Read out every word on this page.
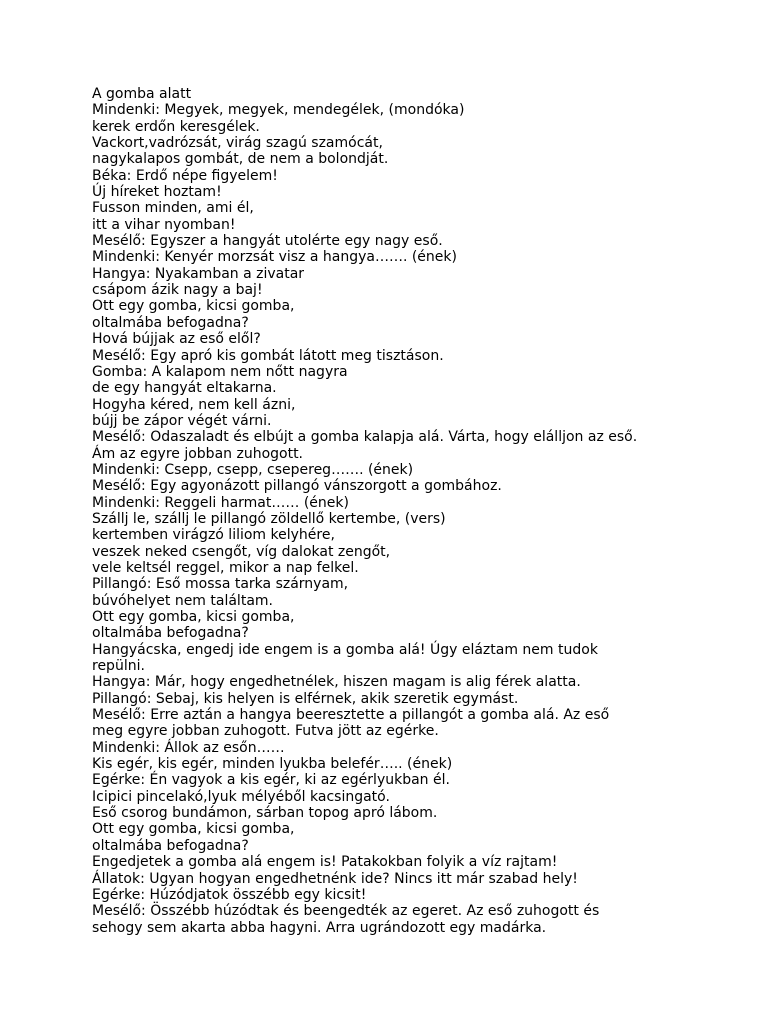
A gomba alatt

Mindenki: Megyek, megyek, mendegélek, (mondóka)

kerek erdőn keresgélek.

Vackort,vadrózsát, virág szagú szamócát,

nagykalapos gombát, de nem a bolondját.

Béka: Erdő népe figyelem!

Új híreket hoztam!

Fusson minden, ami él,

itt a vihar nyomban!

Mesélő: Egyszer a hangyát utolérte egy nagy eső.

Mindenki: Kenyér morzsát visz a hangya……. (ének)

Hangya: Nyakamban a zivatar

csápom ázik nagy a baj!

Ott egy gomba, kicsi gomba,

oltalmába befogadna?

Hová bújjak az eső elől?

Mesélő: Egy apró kis gombát látott meg tisztáson.

Gomba: A kalapom nem nőtt nagyra

de egy hangyát eltakarna.

Hogyha kéred, nem kell ázni,

bújj be zápor végét várni.

Mesélő: Odaszaladt és elbújt a gomba kalapja alá. Várta, hogy elálljon az eső.

Ám az egyre jobban zuhogott.

Mindenki: Csepp, csepp, csepereg……. (ének)

Mesélő: Egy agyonázott pillangó vánszorgott a gombához.

Mindenki: Reggeli harmat…… (ének)

Szállj le, szállj le pillangó zöldellő kertembe, (vers)

kertemben virágzó liliom kelyhére,

veszek neked csengőt, víg dalokat zengőt,

vele keltsél reggel, mikor a nap felkel.

Pillangó: Eső mossa tarka szárnyam,

búvóhelyet nem találtam.

Ott egy gomba, kicsi gomba,

oltalmába befogadna?

Hangyácska, engedj ide engem is a gomba alá! Úgy eláztam nem tudok

repülni.

Hangya: Már, hogy engedhetnélek, hiszen magam is alig férek alatta.

Pillangó: Sebaj, kis helyen is elférnek, akik szeretik egymást.

Mesélő: Erre aztán a hangya beeresztette a pillangót a gomba alá. Az eső

meg egyre jobban zuhogott. Futva jött az egérke.

Mindenki: Állok az esőn……

Kis egér, kis egér, minden lyukba belefér….. (ének)

Egérke: Én vagyok a kis egér, ki az egérlyukban él.

Icipici pincelakó,lyuk mélyéből kacsingató.

Eső csorog bundámon, sárban topog apró lábom.

Ott egy gomba, kicsi gomba,

oltalmába befogadna?

Engedjetek a gomba alá engem is! Patakokban folyik a víz rajtam!

Állatok: Ugyan hogyan engedhetnénk ide? Nincs itt már szabad hely!

Egérke: Húzódjatok összébb egy kicsit!

Mesélő: Összébb húzódtak és beengedték az egeret. Az eső zuhogott és

sehogy sem akarta abba hagyni. Arra ugrándozott egy madárka.
